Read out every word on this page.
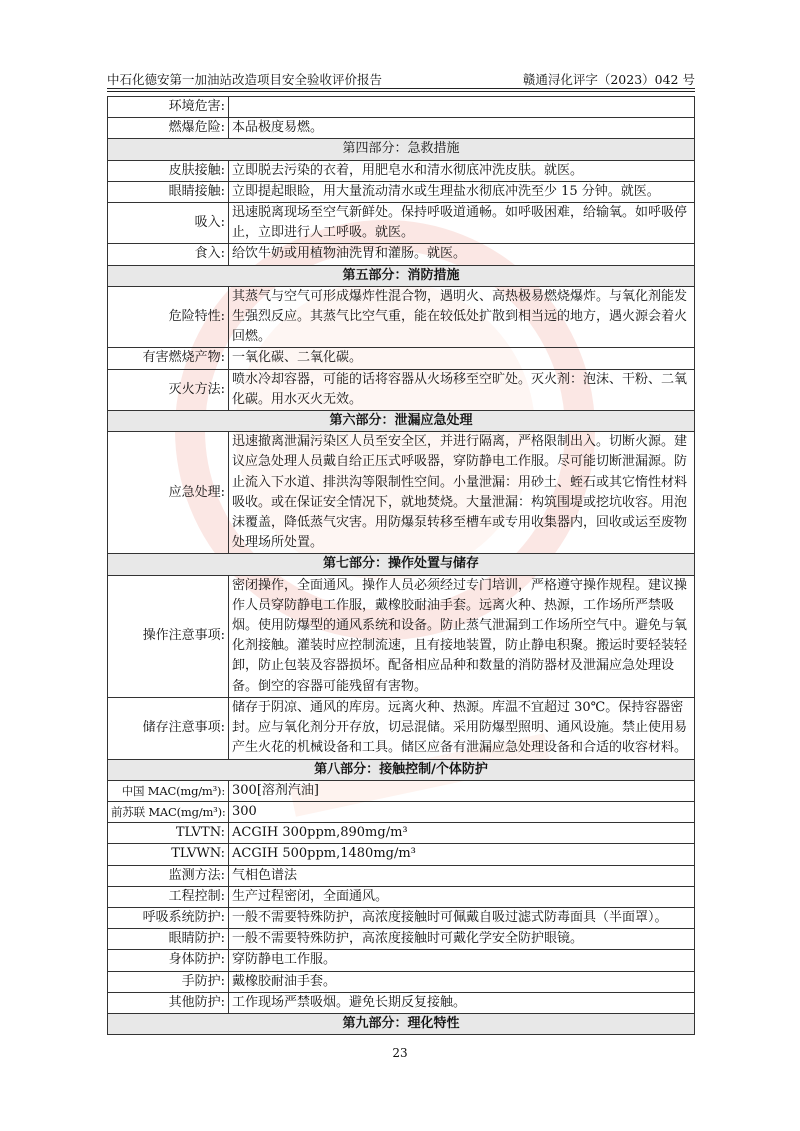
中石化德安第一加油站改造项目安全验收评价报告	赣通浔化评字（2023）042 号
环境危害:	
燃爆危险:	本品极度易燃。
第四部分：急救措施	
皮肤接触:	立即脱去污染的衣着，用肥皂水和清水彻底冲洗皮肤。就医。
眼睛接触:	立即提起眼睑，用大量流动清水或生理盐水彻底冲洗至少 15 分钟。就医。
吸入:	迅速脱离现场至空气新鲜处。保持呼吸道通畅。如呼吸困难，给输氧。如呼吸停止，立即进行人工呼吸。就医。
食入:	给饮牛奶或用植物油洗胃和灌肠。就医。
第五部分：消防措施	
危险特性:	其蒸气与空气可形成爆炸性混合物，遇明火、高热极易燃烧爆炸。与氧化剂能发生强烈反应。其蒸气比空气重，能在较低处扩散到相当远的地方，遇火源会着火回燃。
有害燃烧产物:	一氧化碳、二氧化碳。
灭火方法:	喷水冷却容器，可能的话将容器从火场移至空旷处。灭火剂：泡沫、干粉、二氧化碳。用水灭火无效。
第六部分：泄漏应急处理	
应急处理:	迅速撤离泄漏污染区人员至安全区，并进行隔离，严格限制出入。切断火源。建议应急处理人员戴自给正压式呼吸器，穿防静电工作服。尽可能切断泄漏源。防止流入下水道、排洪沟等限制性空间。小量泄漏：用砂土、蛭石或其它惰性材料吸收。或在保证安全情况下，就地焚烧。大量泄漏：构筑围堤或挖坑收容。用泡沫覆盖，降低蒸气灾害。用防爆泵转移至槽车或专用收集器内，回收或运至废物处理场所处置。
第七部分：操作处置与储存	
操作注意事项:	密闭操作，全面通风。操作人员必须经过专门培训，严格遵守操作规程。建议操作人员穿防静电工作服，戴橡胶耐油手套。远离火种、热源，工作场所严禁吸烟。使用防爆型的通风系统和设备。防止蒸气泄漏到工作场所空气中。避免与氧化剂接触。灌装时应控制流速，且有接地装置，防止静电积聚。搬运时要轻装轻卸，防止包装及容器损坏。配备相应品种和数量的消防器材及泄漏应急处理设备。倒空的容器可能残留有害物。
储存注意事项:	储存于阴凉、通风的库房。远离火种、热源。库温不宜超过 30℃。保持容器密封。应与氧化剂分开存放，切忌混储。采用防爆型照明、通风设施。禁止使用易产生火花的机械设备和工具。储区应备有泄漏应急处理设备和合适的收容材料。
第八部分：接触控制/个体防护	
中国 MAC(mg/m³):	300[溶剂汽油]
前苏联 MAC(mg/m³):	300
TLVTN:	ACGIH 300ppm,890mg/m³
TLVWN:	ACGIH 500ppm,1480mg/m³
监测方法:	气相色谱法
工程控制:	生产过程密闭，全面通风。
呼吸系统防护:	一般不需要特殊防护，高浓度接触时可佩戴自吸过滤式防毒面具（半面罩）。
眼睛防护:	一般不需要特殊防护，高浓度接触时可戴化学安全防护眼镜。
身体防护:	穿防静电工作服。
手防护:	戴橡胶耐油手套。
其他防护:	工作现场严禁吸烟。避免长期反复接触。
第九部分：理化特性	
23
